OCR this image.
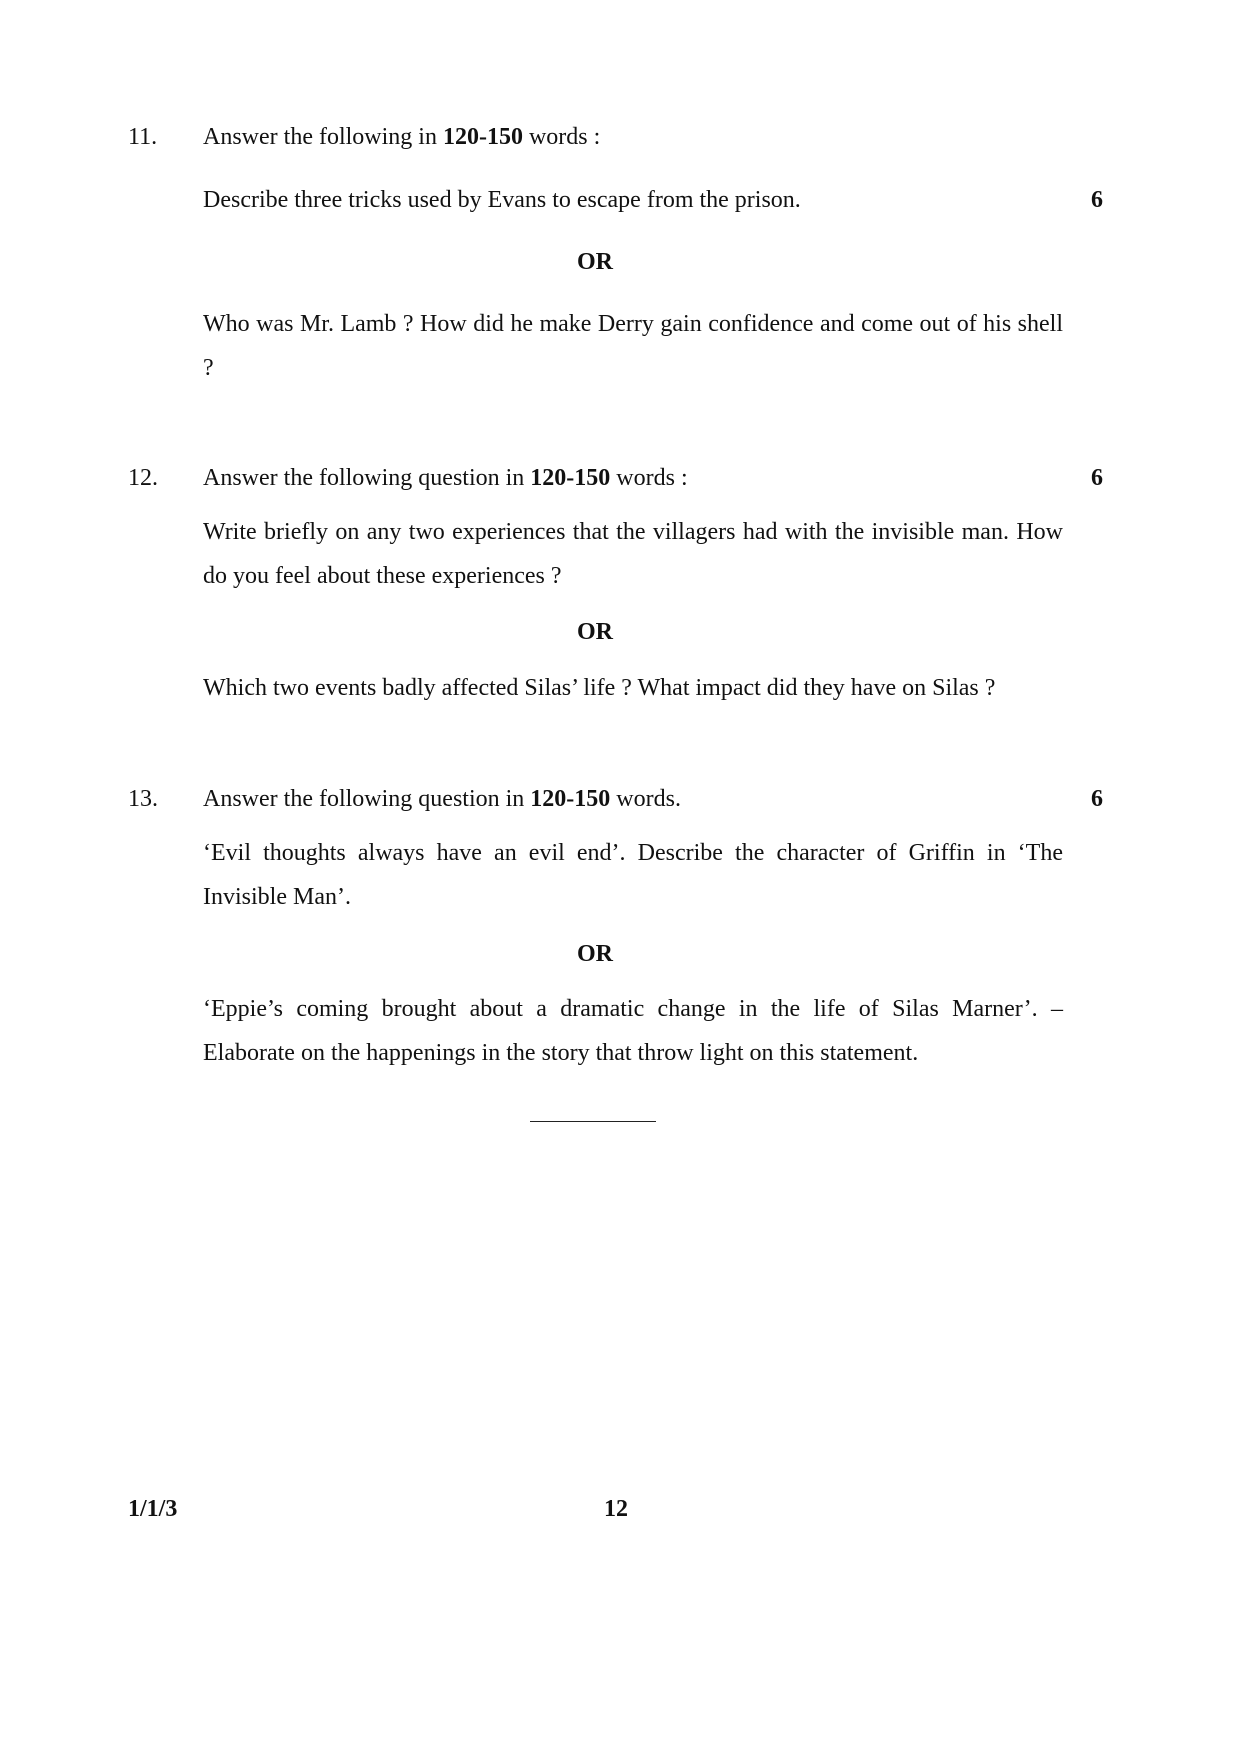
11. Answer the following in 120-150 words :
Describe three tricks used by Evans to escape from the prison.	6
OR
Who was Mr. Lamb ? How did he make Derry gain confidence and come out of his shell ?
12. Answer the following question in 120-150 words :	6
Write briefly on any two experiences that the villagers had with the invisible man. How do you feel about these experiences ?
OR
Which two events badly affected Silas’ life ? What impact did they have on Silas ?
13. Answer the following question in 120-150 words.	6
‘Evil thoughts always have an evil end’. Describe the character of Griffin in ‘The Invisible Man’.
OR
‘Eppie’s coming brought about a dramatic change in the life of Silas Marner’. – Elaborate on the happenings in the story that throw light on this statement.
1/1/3	12
